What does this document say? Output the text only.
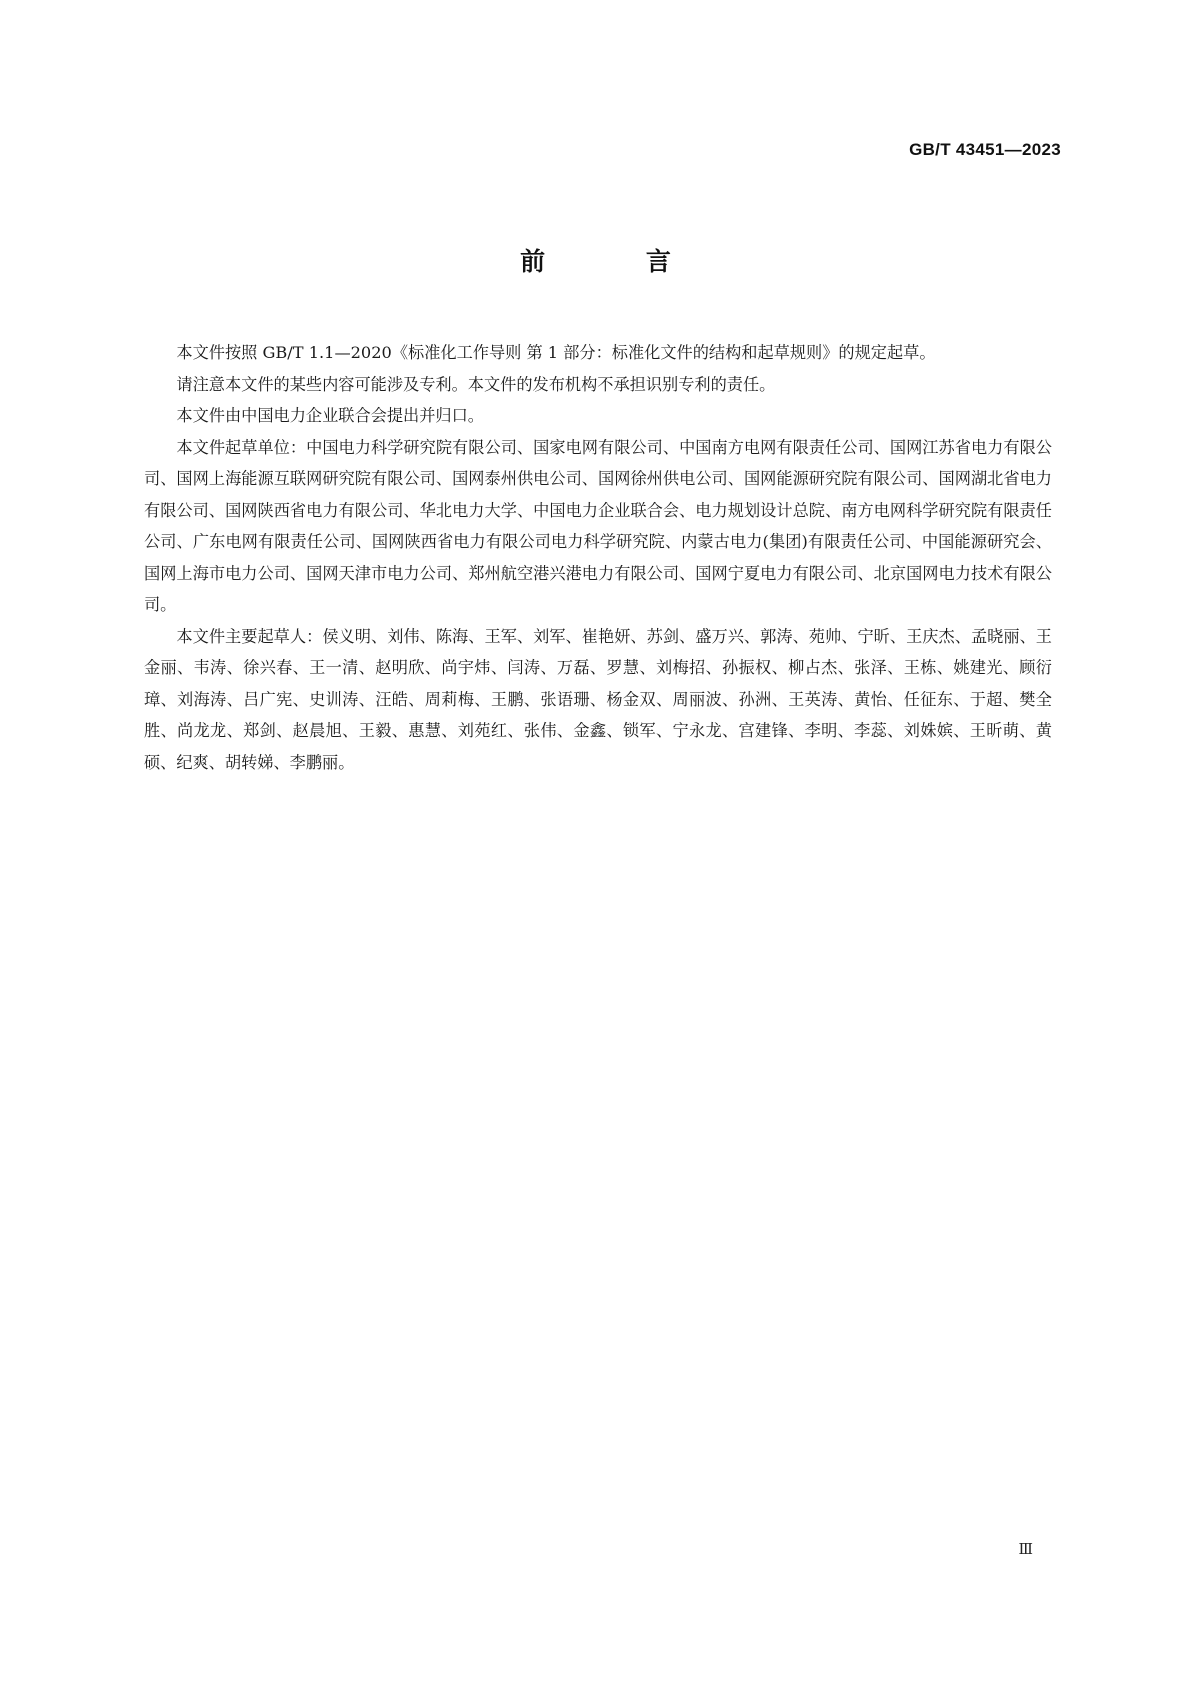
GB/T 43451—2023
前 言

本文件按照 GB/T 1.1—2020《标准化工作导则 第 1 部分：标准化文件的结构和起草规则》的规定起草。

请注意本文件的某些内容可能涉及专利。本文件的发布机构不承担识别专利的责任。

本文件由中国电力企业联合会提出并归口。

本文件起草单位：中国电力科学研究院有限公司、国家电网有限公司、中国南方电网有限责任公司、国网江苏省电力有限公司、国网上海能源互联网研究院有限公司、国网泰州供电公司、国网徐州供电公司、国网能源研究院有限公司、国网湖北省电力有限公司、国网陕西省电力有限公司、华北电力大学、中国电力企业联合会、电力规划设计总院、南方电网科学研究院有限责任公司、广东电网有限责任公司、国网陕西省电力有限公司电力科学研究院、内蒙古电力(集团)有限责任公司、中国能源研究会、国网上海市电力公司、国网天津市电力公司、郑州航空港兴港电力有限公司、国网宁夏电力有限公司、北京国网电力技术有限公司。

本文件主要起草人：侯义明、刘伟、陈海、王军、刘军、崔艳妍、苏剑、盛万兴、郭涛、苑帅、宁昕、王庆杰、孟晓丽、王金丽、韦涛、徐兴春、王一清、赵明欣、尚宇炜、闫涛、万磊、罗慧、刘梅招、孙振权、柳占杰、张泽、王栋、姚建光、顾衍璋、刘海涛、吕广宪、史训涛、汪皓、周莉梅、王鹏、张语珊、杨金双、周丽波、孙洲、王英涛、黄怡、任征东、于超、樊全胜、尚龙龙、郑剑、赵晨旭、王毅、惠慧、刘苑红、张伟、金鑫、锁军、宁永龙、宫建锋、李明、李蕊、刘姝嫔、王昕萌、黄硕、纪爽、胡转娣、李鹏丽。

Ⅲ
